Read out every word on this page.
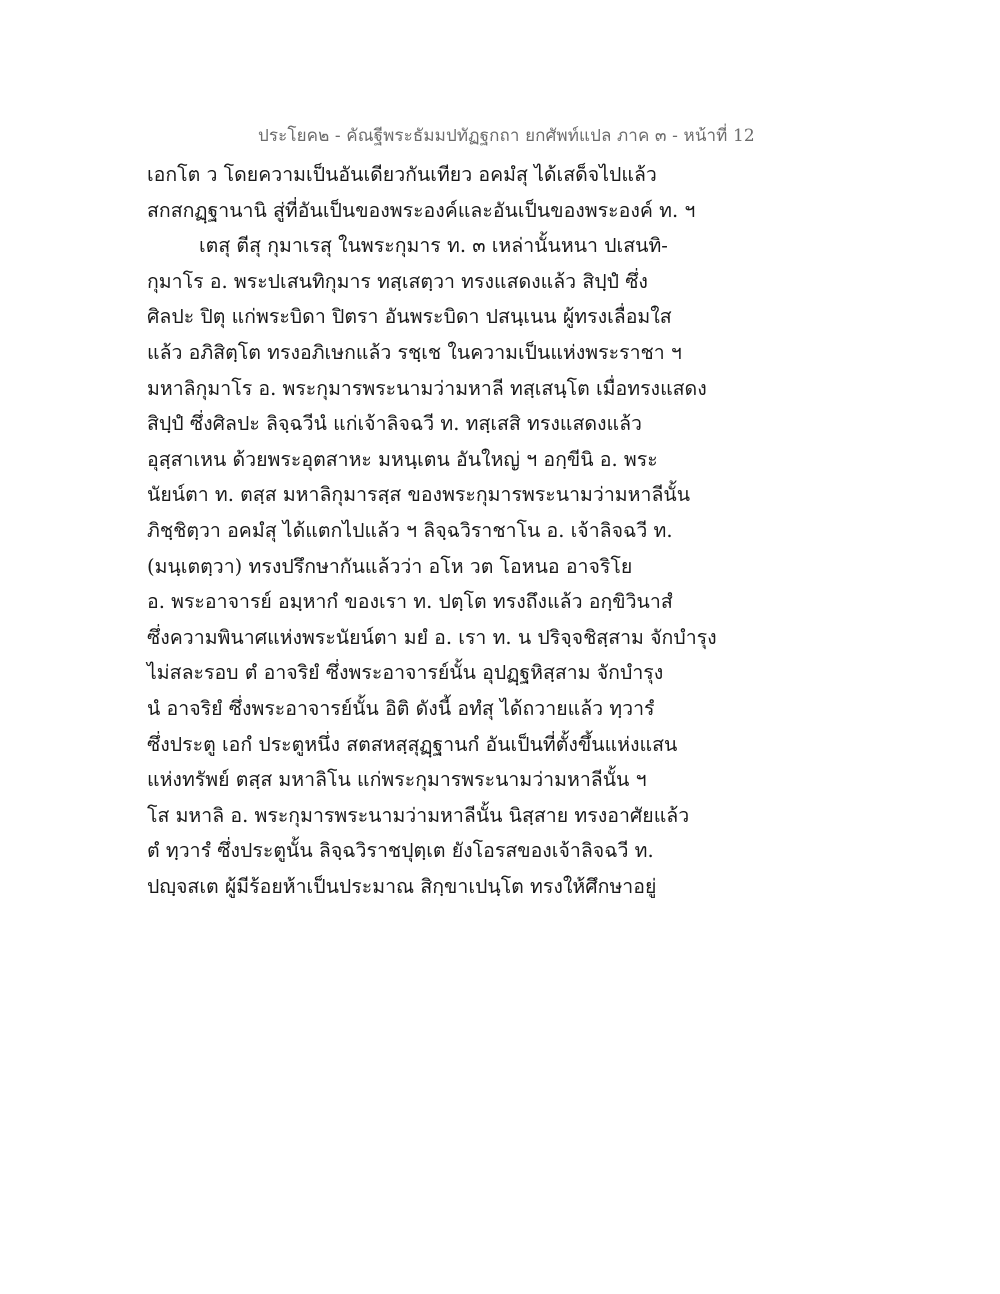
ประโยค๒ - คัณฐีพระธัมมปทัฏฐกถา ยกศัพท์แปล ภาค ๓ - หน้าที่ 12
เอกโต ว โดยความเป็นอันเดียวกันเทียว อคมํสุ ได้เสด็จไปแล้ว
สกสกฏฺฐานานิ สู่ที่อันเป็นของพระองค์และอันเป็นของพระองค์ ท. ฯ
เตสุ ตีสุ กุมาเรสุ ในพระกุมาร ท. ๓ เหล่านั้นหนา ปเสนทิ-
กุมาโร อ. พระปเสนทิกุมาร ทสฺเสตฺวา ทรงแสดงแล้ว สิปฺปํ ซึ่ง
ศิลปะ ปิตุ แก่พระบิดา ปิตรา อันพระบิดา ปสนฺเนน ผู้ทรงเลื่อมใส
แล้ว อภิสิตฺโต ทรงอภิเษกแล้ว รชฺเช ในความเป็นแห่งพระราชา ฯ
มหาลิกุมาโร อ. พระกุมารพระนามว่ามหาลี ทสฺเสนฺโต เมื่อทรงแสดง
สิปฺปํ ซึ่งศิลปะ ลิจฺฉวีนํ แก่เจ้าลิจฉวี ท. ทสฺเสสิ ทรงแสดงแล้ว
อุสฺสาเหน ด้วยพระอุตสาหะ มหนฺเตน อันใหญ่ ฯ อกฺขีนิ อ. พระ
นัยน์ตา ท. ตสฺส มหาลิกุมารสฺส ของพระกุมารพระนามว่ามหาลีนั้น
ภิชฺชิตฺวา อคมํสุ ได้แตกไปแล้ว ฯ ลิจฺฉวิราชาโน อ. เจ้าลิจฉวี ท.
(มนฺเตตฺวา) ทรงปรึกษากันแล้วว่า อโห วต โอหนอ อาจริโย
อ. พระอาจารย์ อมฺหากํ ของเรา ท. ปตฺโต ทรงถึงแล้ว อกฺขิวินาสํ
ซึ่งความพินาศแห่งพระนัยน์ตา มยํ อ. เรา ท. น ปริจฺจชิสฺสาม จักบำรุง
ไม่สละรอบ ตํ อาจริยํ ซึ่งพระอาจารย์นั้น อุปฏฺฐหิสฺสาม จักบำรุง
นํ อาจริยํ ซึ่งพระอาจารย์นั้น อิติ ดังนี้ อทํสุ ได้ถวายแล้ว ทฺวารํ
ซึ่งประตู เอกํ ประตูหนึ่ง สตสหสฺสุฏฺฐานกํ อันเป็นที่ตั้งขึ้นแห่งแสน
แห่งทรัพย์ ตสฺส มหาลิโน แก่พระกุมารพระนามว่ามหาลีนั้น ฯ
โส มหาลิ อ. พระกุมารพระนามว่ามหาลีนั้น นิสฺสาย ทรงอาศัยแล้ว
ตํ ทฺวารํ ซึ่งประตูนั้น ลิจฺฉวิราชปุตฺเต ยังโอรสของเจ้าลิจฉวี ท.
ปญฺจสเต ผู้มีร้อยห้าเป็นประมาณ สิกฺขาเปนฺโต ทรงให้ศึกษาอยู่
